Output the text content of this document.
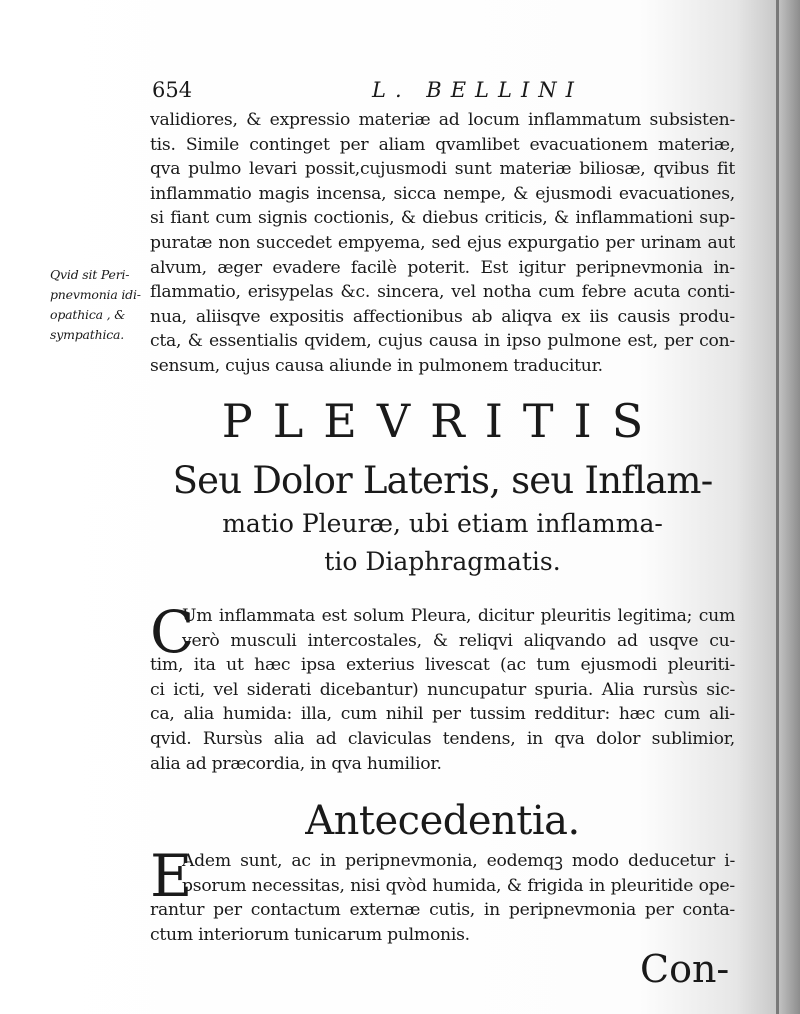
654	L. BELLINI
validiores, & expressio materiæ ad locum inflammatum subsisten-
tis. Simile continget per aliam qvamlibet evacuationem materiæ,
qva pulmo levari possit,cujusmodi sunt materiæ biliosæ, qvibus fit
inflammatio magis incensa, sicca nempe, & ejusmodi evacuationes,
si fiant cum signis coctionis, & diebus criticis, & inflammationi sup-
puratæ non succedet empyema, sed ejus expurgatio per urinam aut
alvum, æger evadere facilè poterit. Est igitur peripnevmonia in-
flammatio, erisypelas &c. sincera, vel notha cum febre acuta conti-
nua, aliisqve expositis affectionibus ab aliqva ex iis causis produ-
cta, & essentialis qvidem, cujus causa in ipso pulmone est, per con-
sensum, cujus causa aliunde in pulmonem traducitur.
Qvid sit Peri-
pnevmonia idi-
opathica , &
sympathica.
PLEVRITIS
Seu Dolor Lateris, seu Inflam-
matio Pleuræ, ubi etiam inflamma-
tio Diaphragmatis.
C
Um inflammata est solum Pleura, dicitur pleuritis legitima; cum
verò musculi intercostales, & reliqvi aliqvando ad usqve cu-
tim, ita ut hæc ipsa exterius livescat (ac tum ejusmodi pleuriti-
ci icti, vel siderati dicebantur) nuncupatur spuria. Alia rursùs sic-
ca, alia humida: illa, cum nihil per tussim redditur: hæc cum ali-
qvid. Rursùs alia ad claviculas tendens, in qva dolor sublimior,
alia ad præcordia, in qva humilior.
Antecedentia.
E
Adem sunt, ac in peripnevmonia, eodemqꝫ modo deducetur i-
psorum necessitas, nisi qvòd humida, & frigida in pleuritide ope-
rantur per contactum externæ cutis, in peripnevmonia per conta-
ctum interiorum tunicarum pulmonis.
Con-
